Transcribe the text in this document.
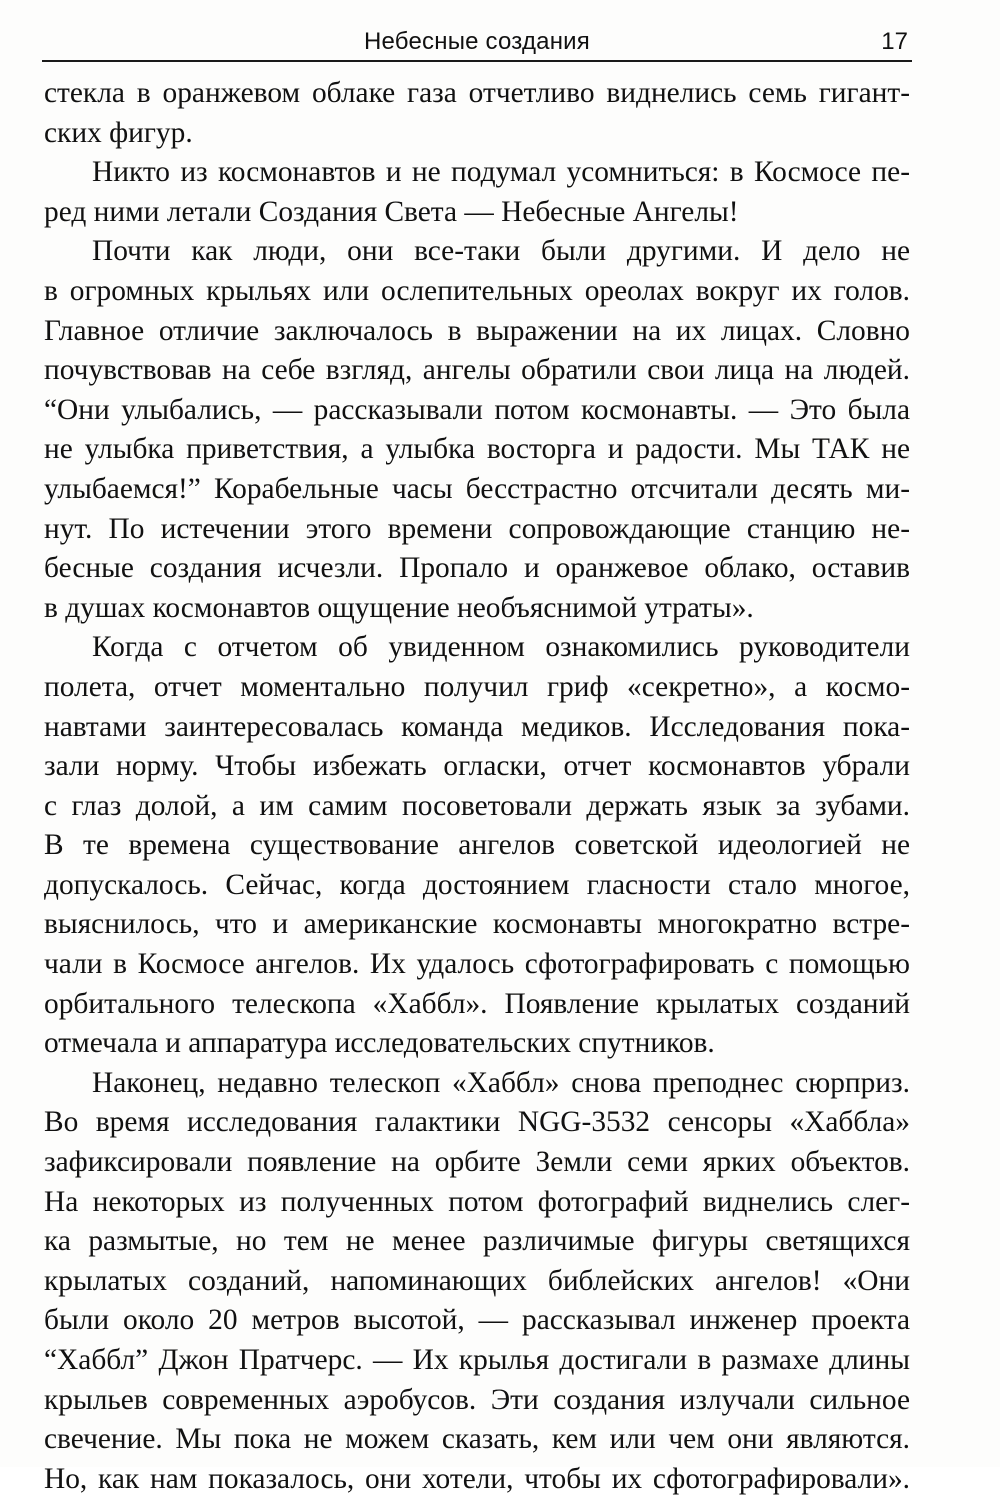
Небесные создания	17
стекла в оранжевом облаке газа отчетливо виднелись семь гигант-
ских фигур.
Никто из космонавтов и не подумал усомниться: в Космосе пе-
ред ними летали Создания Света — Небесные Ангелы!
Почти как люди, они все-таки были другими. И дело не
в огромных крыльях или ослепительных ореолах вокруг их голов.
Главное отличие заключалось в выражении на их лицах. Словно
почувствовав на себе взгляд, ангелы обратили свои лица на людей.
“Они улыбались, — рассказывали потом космонавты. — Это была
не улыбка приветствия, а улыбка восторга и радости. Мы ТАК не
улыбаемся!” Корабельные часы бесстрастно отсчитали десять ми-
нут. По истечении этого времени сопровождающие станцию не-
бесные создания исчезли. Пропало и оранжевое облако, оставив
в душах космонавтов ощущение необъяснимой утраты».
Когда с отчетом об увиденном ознакомились руководители
полета, отчет моментально получил гриф «секретно», а космо-
навтами заинтересовалась команда медиков. Исследования пока-
зали норму. Чтобы избежать огласки, отчет космонавтов убрали
с глаз долой, а им самим посоветовали держать язык за зубами.
В те времена существование ангелов советской идеологией не
допускалось. Сейчас, когда достоянием гласности стало многое,
выяснилось, что и американские космонавты многократно встре-
чали в Космосе ангелов. Их удалось сфотографировать с помощью
орбитального телескопа «Хаббл». Появление крылатых созданий
отмечала и аппаратура исследовательских спутников.
Наконец, недавно телескоп «Хаббл» снова преподнес сюрприз.
Во время исследования галактики NGG-3532 сенсоры «Хаббла»
зафиксировали появление на орбите Земли семи ярких объектов.
На некоторых из полученных потом фотографий виднелись слег-
ка размытые, но тем не менее различимые фигуры светящихся
крылатых созданий, напоминающих библейских ангелов! «Они
были около 20 метров высотой, — рассказывал инженер проекта
“Хаббл” Джон Пратчерс. — Их крылья достигали в размахе длины
крыльев современных аэробусов. Эти создания излучали сильное
свечение. Мы пока не можем сказать, кем или чем они являются.
Но, как нам показалось, они хотели, чтобы их сфотографировали».
